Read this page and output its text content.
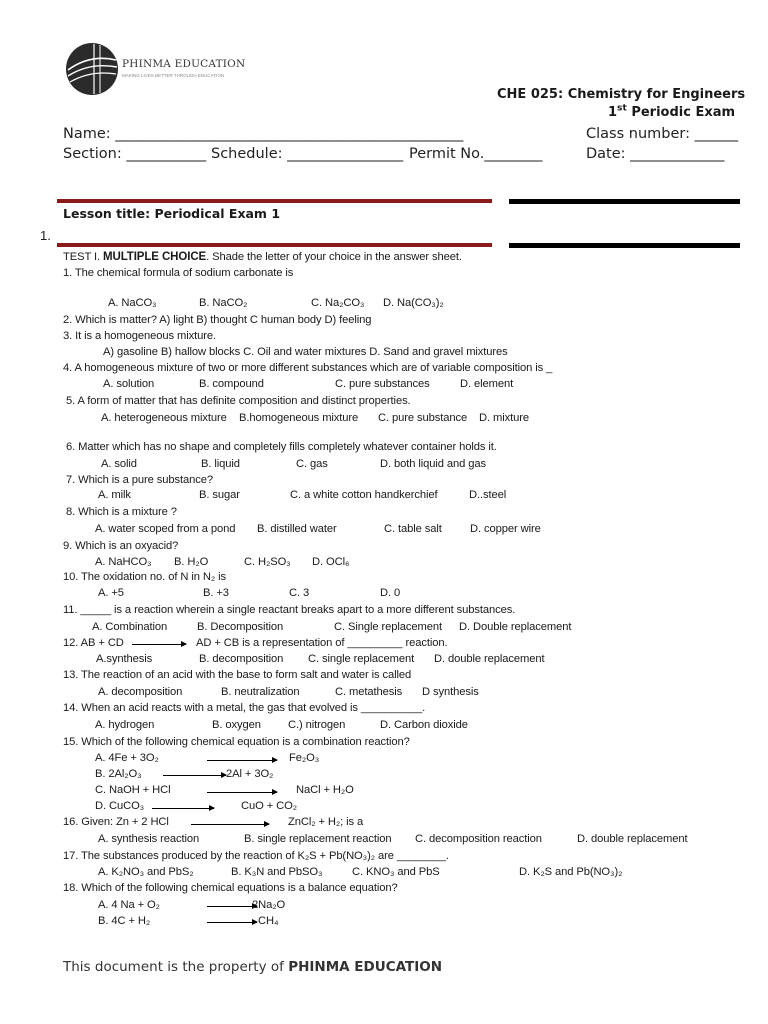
PHINMA EDUCATION
MAKING LIVES BETTER THROUGH EDUCATION
CHE 025: Chemistry for Engineers
1st Periodic Exam
Name: ________________________________________________	Class number: ______
Section: ___________ Schedule: ________________ Permit No.________	Date: _____________
Lesson title: Periodical Exam 1
1.
TEST I. MULTIPLE CHOICE. Shade the letter of your choice in the answer sheet.
1. The chemical formula of sodium carbonate is
A. NaCO₃	B. NaCO₂	C. Na₂CO₃ D. Na(CO₃)₂
2. Which is matter? A) light B) thought C human body D) feeling
3. It is a homogeneous mixture.
A) gasoline B) hallow blocks C. Oil and water mixtures D. Sand and gravel mixtures
4. A homogeneous mixture of two or more different substances which are of variable composition is _
A. solution	B. compound	C. pure substances	D. element
5. A form of matter that has definite composition and distinct properties.
A. heterogeneous mixture B.homogeneous mixture C. pure substance D. mixture
6. Matter which has no shape and completely fills completely whatever container holds it.
A. solid	B. liquid	C. gas	D. both liquid and gas
7. Which is a pure substance?
A. milk	B. sugar	C. a white cotton handkerchief	D..steel
8. Which is a mixture ?
A. water scoped from a pond B. distilled water	C. table salt	D. copper wire
9. Which is an oxyacid?
A. NaHCO₃ B. H₂O	C. H₂SO₃ D. OCl₆
10. The oxidation no. of N in N₂ is
A. +5	B. +3	C. 3	D. 0
11. _____ is a reaction wherein a single reactant breaks apart to a more different substances.
A. Combination	B. Decomposition	C. Single replacement D. Double replacement
12. AB + CD	AD + CB is a representation of _________ reaction.
A.synthesis	B. decomposition C. single replacement D. double replacement
13. The reaction of an acid with the base to form salt and water is called
A. decomposition	B. neutralization	C. metathesis D synthesis
14. When an acid reacts with a metal, the gas that evolved is __________.
A. hydrogen	B. oxygen C.) nitrogen	D. Carbon dioxide
15. Which of the following chemical equation is a combination reaction?
A. 4Fe + 3O₂	Fe₂O₃
B. 2Al₂O₃	2Al + 3O₂
C. NaOH + HCl	NaCl + H₂O
D. CuCO₃	CuO + CO₂
16. Given: Zn + 2 HCl	ZnCl₂ + H₂; is a
A. synthesis reaction	B. single replacement reaction C. decomposition reaction	D. double replacement
17. The substances produced by the reaction of K₂S + Pb(NO₃)₂ are ________.
A. K₂NO₃ and PbS₂	B. K₃N and PbSO₃	C. KNO₃ and PbS	D. K₂S and Pb(NO₃)₂
18. Which of the following chemical equations is a balance equation?
A. 4 Na + O₂	2Na₂O
B. 4C + H₂	CH₄
This document is the property of PHINMA EDUCATION
